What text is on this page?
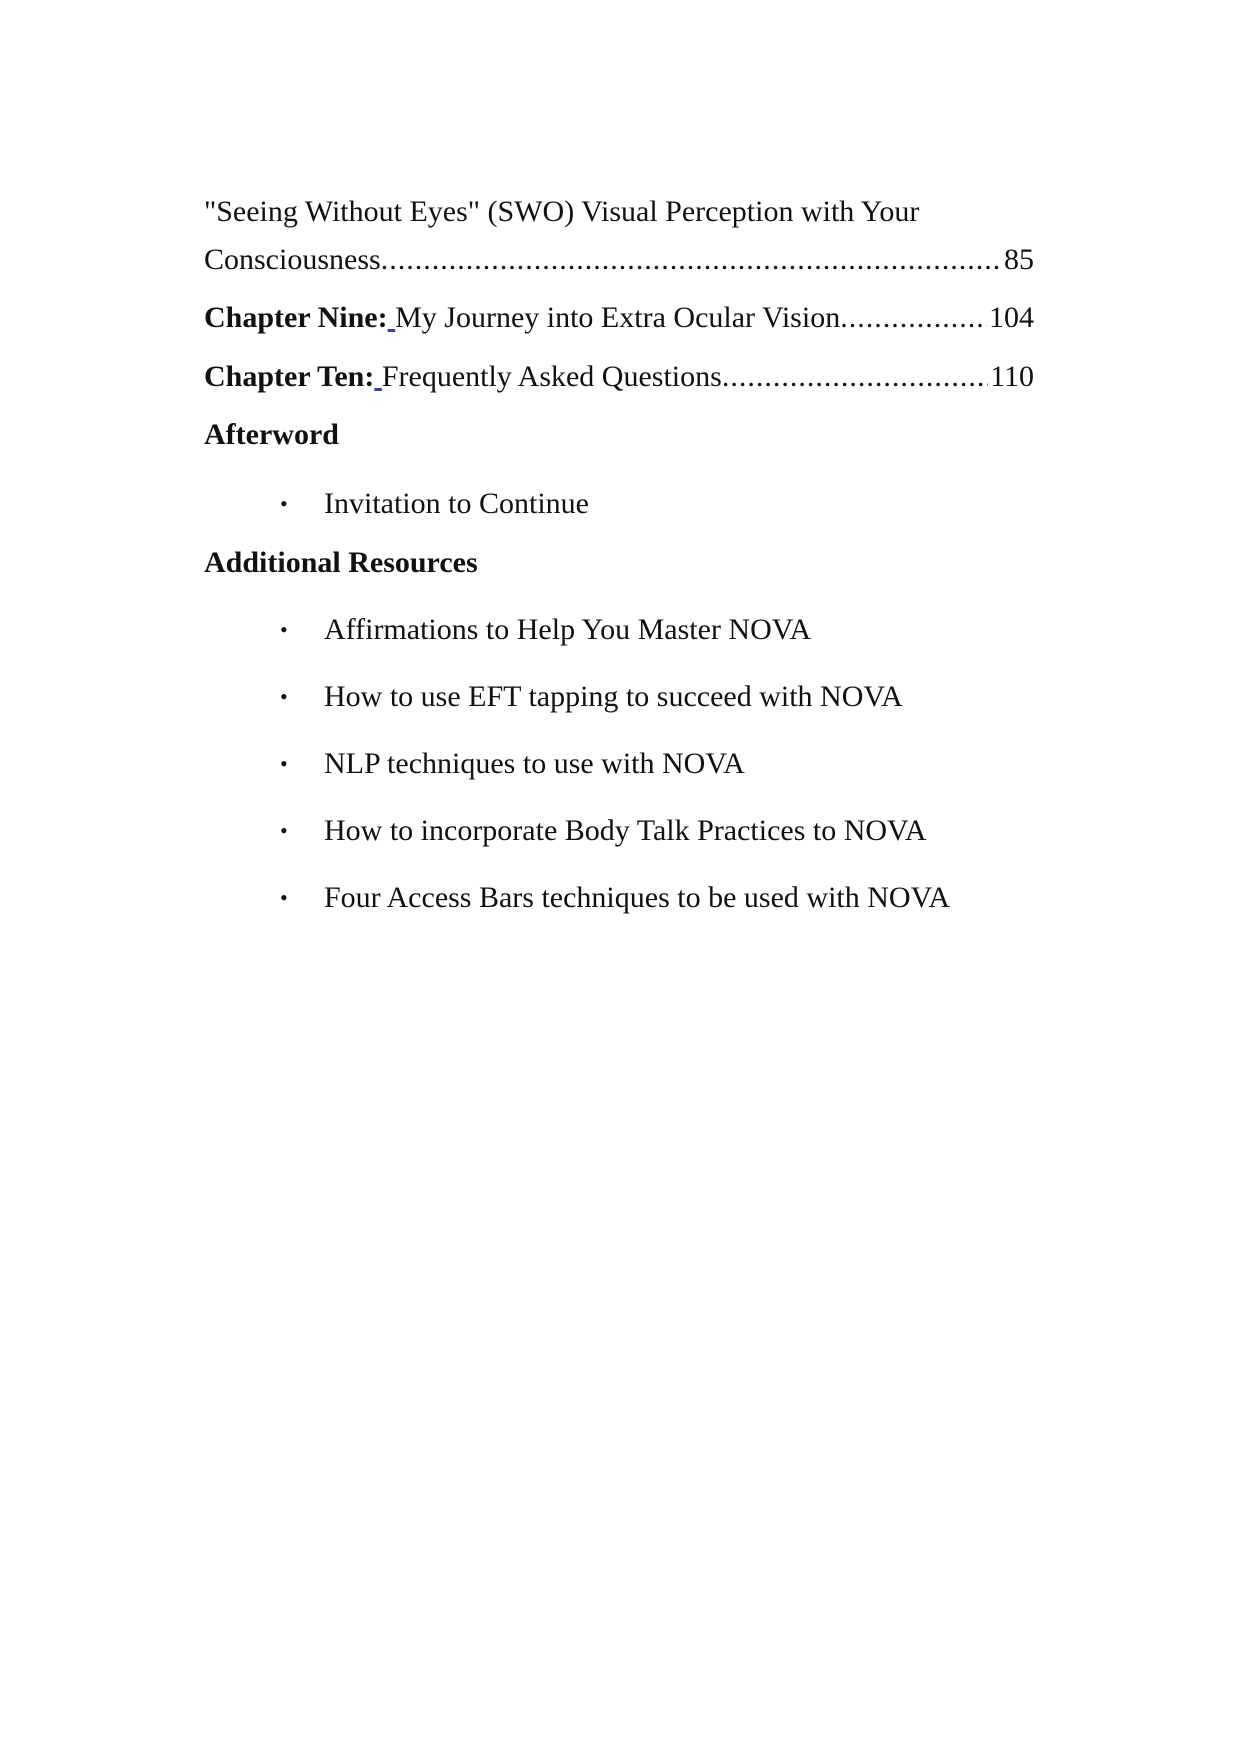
"Seeing Without Eyes" (SWO) Visual Perception with Your
Consciousness .....	85
Chapter Nine: My Journey into Extra Ocular Vision .....	104
Chapter Ten: Frequently Asked Questions .....	110
Afterword
• Invitation to Continue
Additional Resources
• Affirmations to Help You Master NOVA
• How to use EFT tapping to succeed with NOVA
• NLP techniques to use with NOVA
• How to incorporate Body Talk Practices to NOVA
• Four Access Bars techniques to be used with NOVA
